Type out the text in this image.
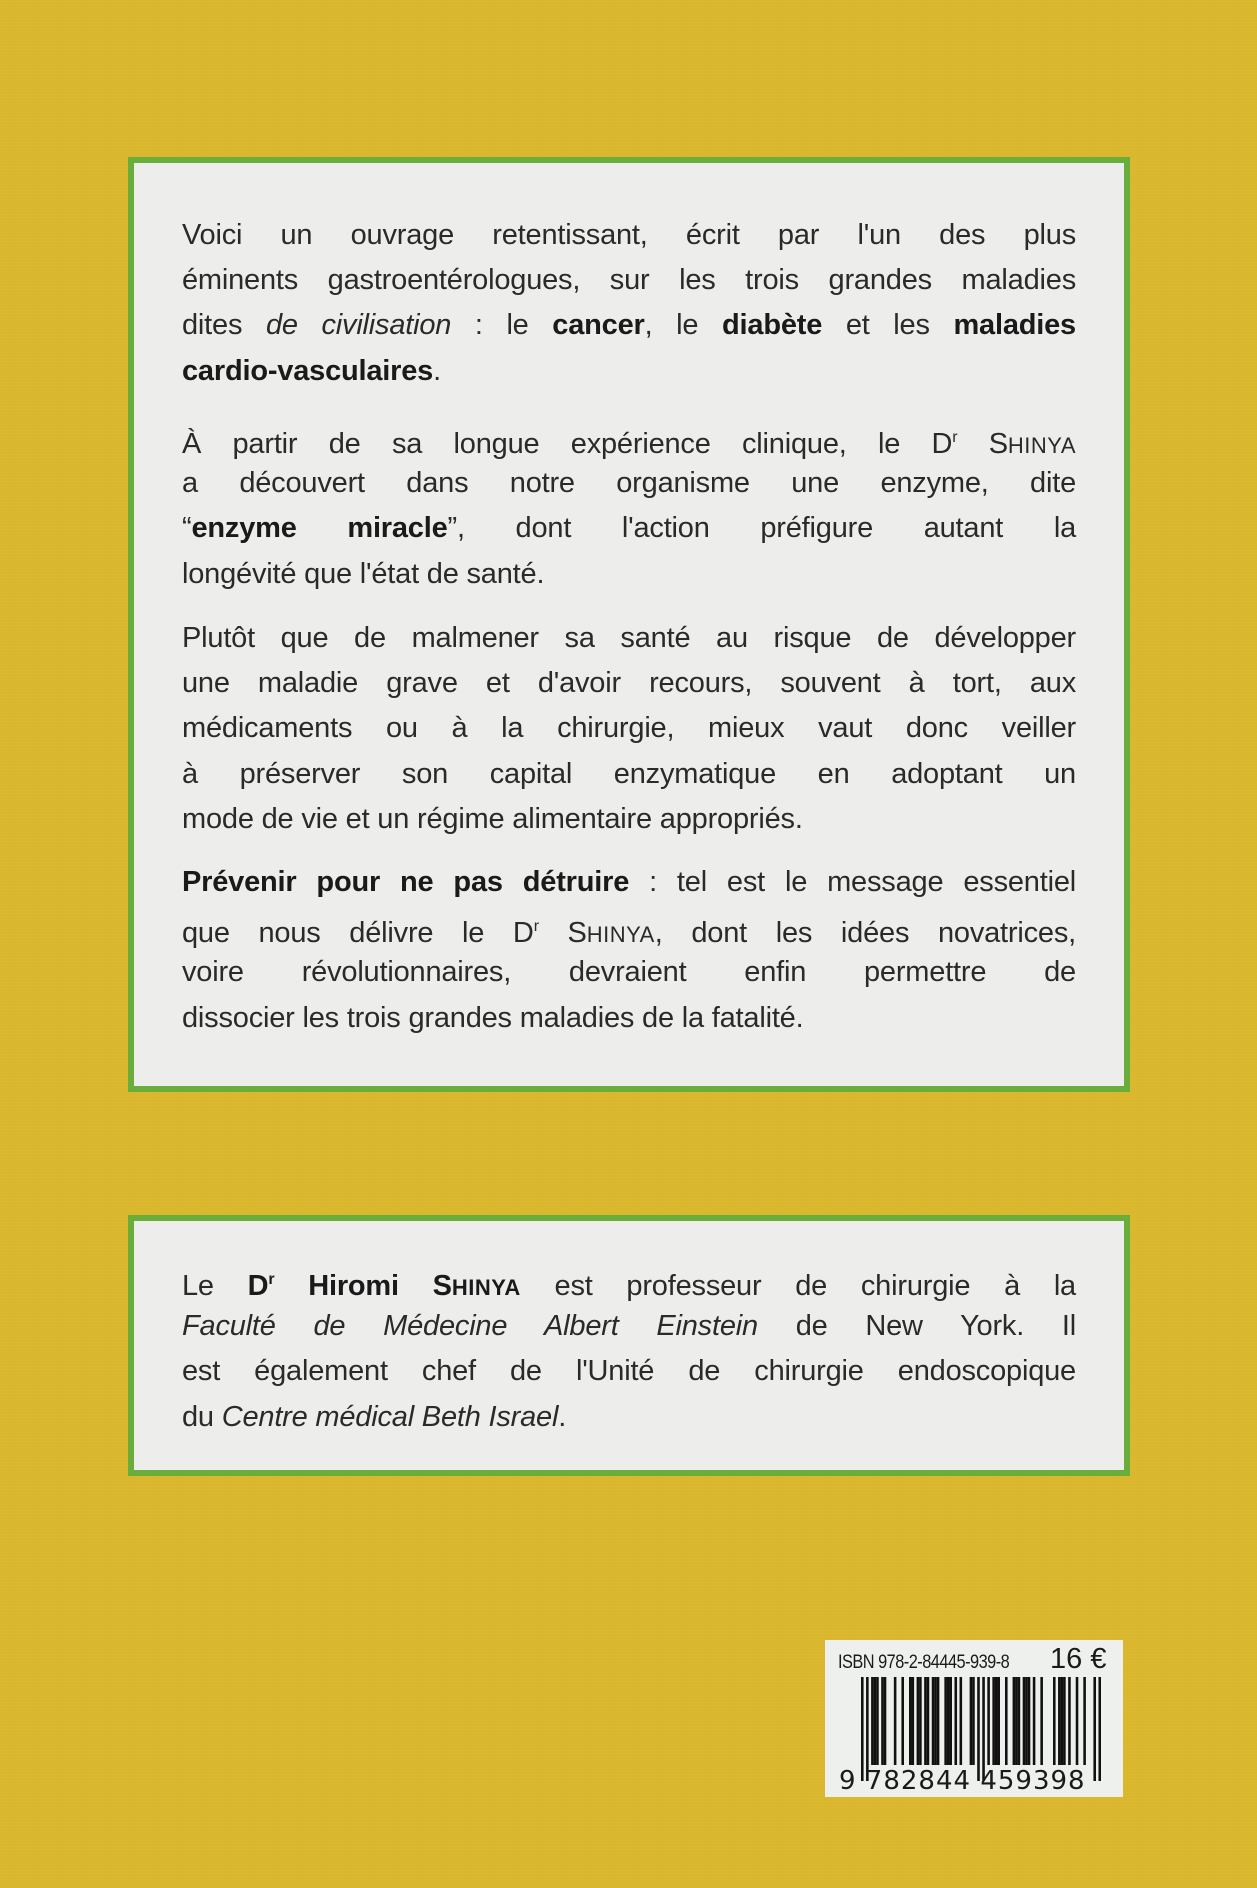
Voici un ouvrage retentissant, écrit par l'un des plus
éminents gastroentérologues, sur les trois grandes maladies
dites de civilisation : le cancer, le diabète et les maladies
cardio-vasculaires.
À partir de sa longue expérience clinique, le $D^r$ SHINYA
a découvert dans notre organisme une enzyme, dite
“enzyme miracle”, dont l'action préfigure autant la
longévité que l'état de santé.
Plutôt que de malmener sa santé au risque de développer
une maladie grave et d'avoir recours, souvent à tort, aux
médicaments ou à la chirurgie, mieux vaut donc veiller
à préserver son capital enzymatique en adoptant un
mode de vie et un régime alimentaire appropriés.
Prévenir pour ne pas détruire : tel est le message essentiel
que nous délivre le $D^r$ SHINYA, dont les idées novatrices,
voire révolutionnaires, devraient enfin permettre de
dissocier les trois grandes maladies de la fatalité.
Le $D^r$ Hiromi SHINYA est professeur de chirurgie à la
Faculté de Médecine Albert Einstein de New York. Il
est également chef de l'Unité de chirurgie endoscopique
du Centre médical Beth Israel.
ISBN 978-2-84445-939-8 16 €
9 782844 459398
